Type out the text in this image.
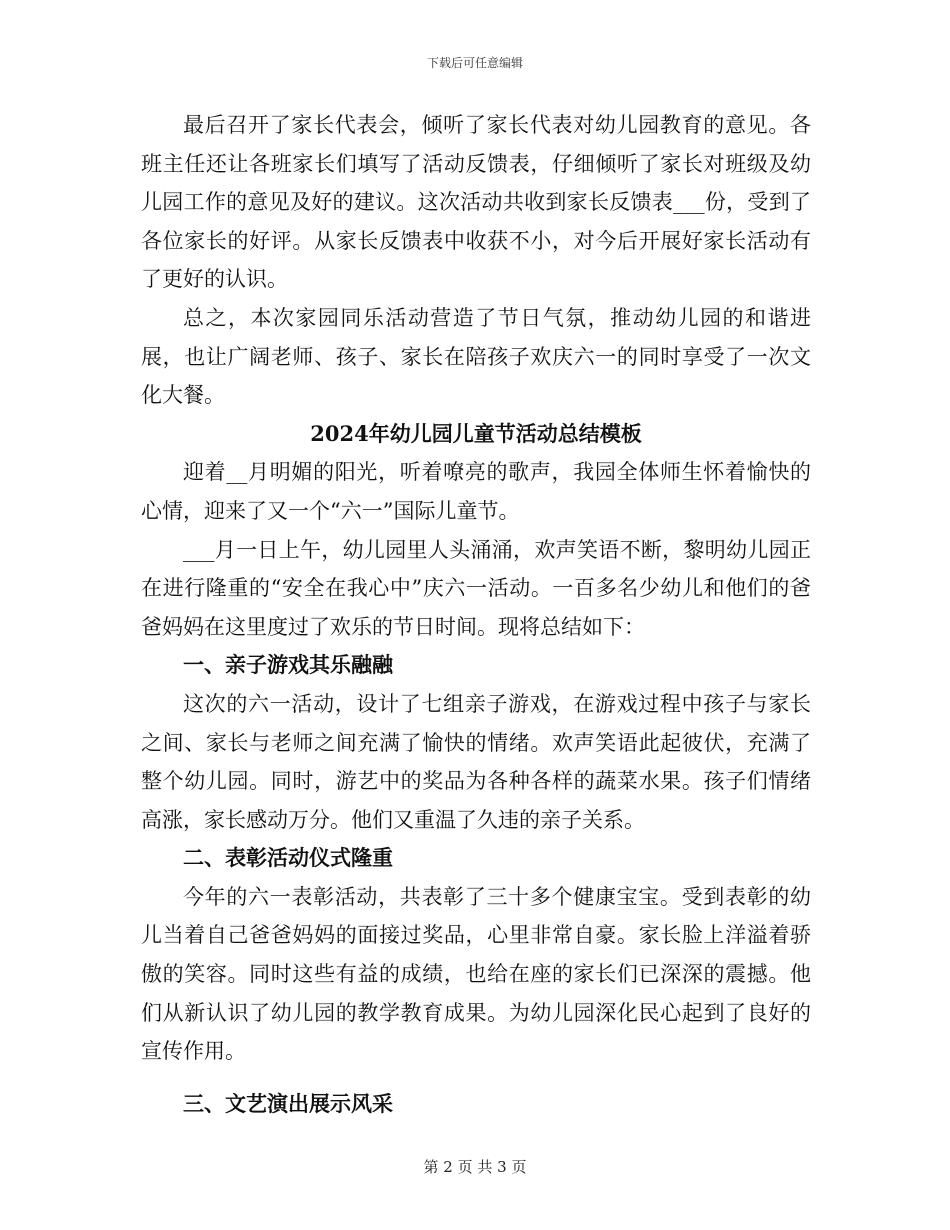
下载后可任意编辑

最后召开了家长代表会，倾听了家长代表对幼儿园教育的意见。各班主任还让各班家长们填写了活动反馈表，仔细倾听了家长对班级及幼儿园工作的意见及好的建议。这次活动共收到家长反馈表___份，受到了各位家长的好评。从家长反馈表中收获不小，对今后开展好家长活动有了更好的认识。

总之，本次家园同乐活动营造了节日气氛，推动幼儿园的和谐进展，也让广阔老师、孩子、家长在陪孩子欢庆六一的同时享受了一次文化大餐。

2024年幼儿园儿童节活动总结模板

迎着__月明媚的阳光，听着嘹亮的歌声，我园全体师生怀着愉快的心情，迎来了又一个“六一”国际儿童节。

___月一日上午，幼儿园里人头涌涌，欢声笑语不断，黎明幼儿园正在进行隆重的“安全在我心中”庆六一活动。一百多名少幼儿和他们的爸爸妈妈在这里度过了欢乐的节日时间。现将总结如下：

一、亲子游戏其乐融融

这次的六一活动，设计了七组亲子游戏，在游戏过程中孩子与家长之间、家长与老师之间充满了愉快的情绪。欢声笑语此起彼伏，充满了整个幼儿园。同时，游艺中的奖品为各种各样的蔬菜水果。孩子们情绪高涨，家长感动万分。他们又重温了久违的亲子关系。

二、表彰活动仪式隆重

今年的六一表彰活动，共表彰了三十多个健康宝宝。受到表彰的幼儿当着自己爸爸妈妈的面接过奖品，心里非常自豪。家长脸上洋溢着骄傲的笑容。同时这些有益的成绩，也给在座的家长们已深深的震撼。他们从新认识了幼儿园的教学教育成果。为幼儿园深化民心起到了良好的宣传作用。

三、文艺演出展示风采
第 2 页 共 3 页
